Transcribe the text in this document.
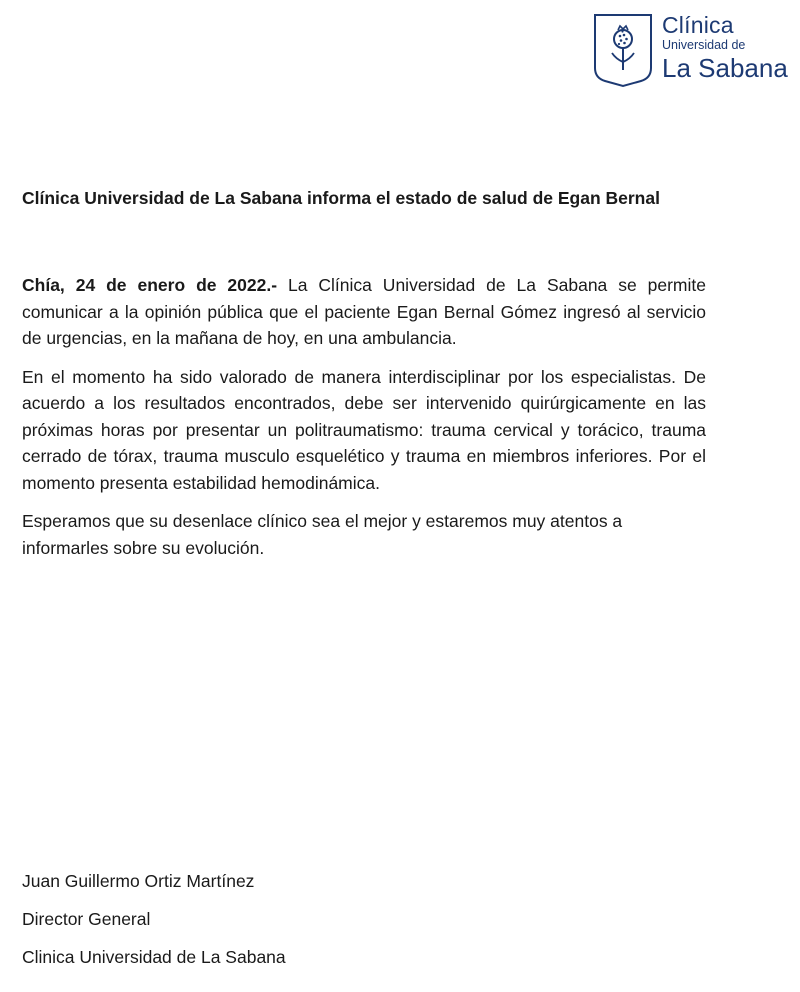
Clínica
Universidad de
La Sabana
Clínica Universidad de La Sabana informa el estado de salud de Egan Bernal

Chía, 24 de enero de 2022.- La Clínica Universidad de La Sabana se permite comunicar a la opinión pública que el paciente Egan Bernal Gómez ingresó al servicio de urgencias, en la mañana de hoy, en una ambulancia.

En el momento ha sido valorado de manera interdisciplinar por los especialistas. De acuerdo a los resultados encontrados, debe ser intervenido quirúrgicamente en las próximas horas por presentar un politraumatismo: trauma cervical y torácico, trauma cerrado de tórax, trauma musculo esquelético y trauma en miembros inferiores. Por el momento presenta estabilidad hemodinámica.

Esperamos que su desenlace clínico sea el mejor y estaremos muy atentos a informarles sobre su evolución.

Juan Guillermo Ortiz Martínez
Director General
Clinica Universidad de La Sabana
